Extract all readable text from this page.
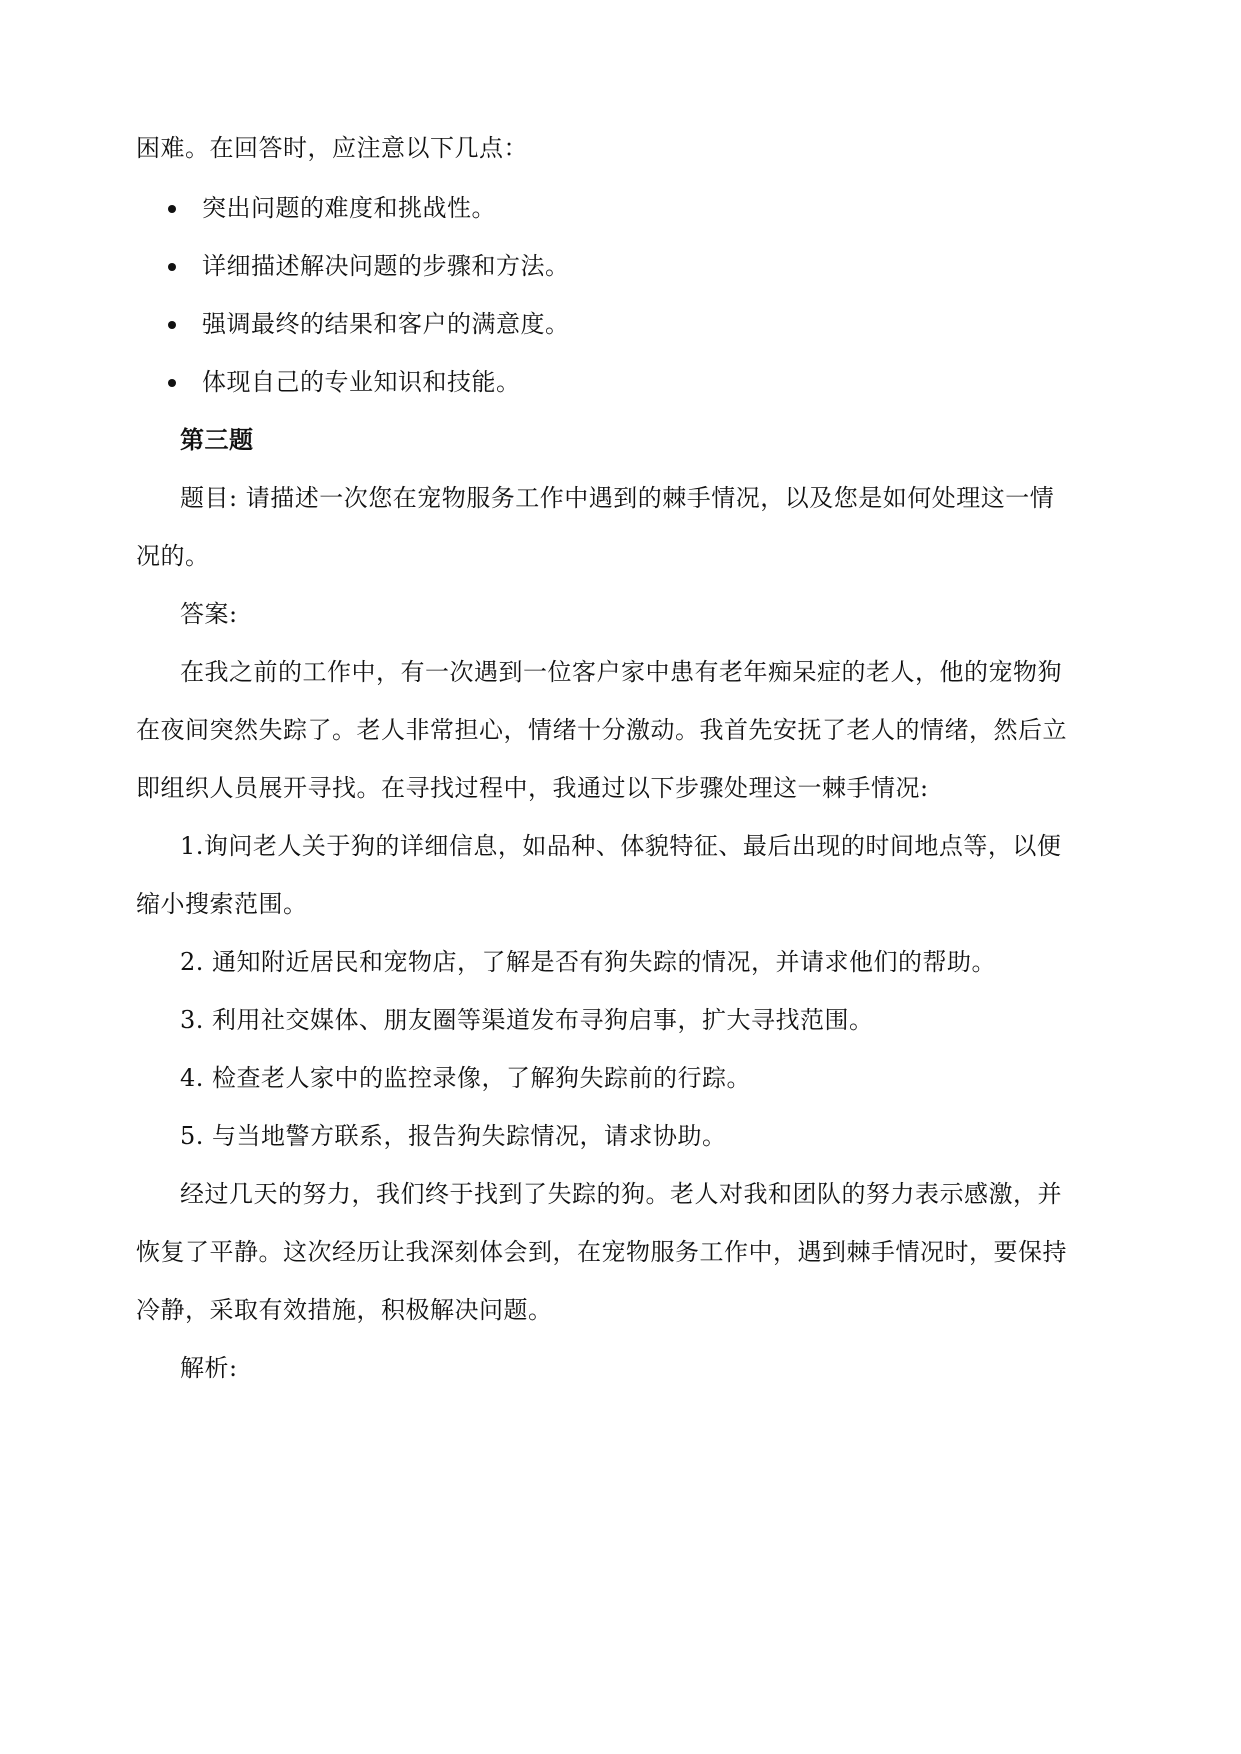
困难。在回答时，应注意以下几点：
突出问题的难度和挑战性。
详细描述解决问题的步骤和方法。
强调最终的结果和客户的满意度。
体现自己的专业知识和技能。
第三题
题目: 请描述一次您在宠物服务工作中遇到的棘手情况，以及您是如何处理这一情
况的。
答案:
在我之前的工作中，有一次遇到一位客户家中患有老年痴呆症的老人，他的宠物狗
在夜间突然失踪了。老人非常担心，情绪十分激动。我首先安抚了老人的情绪，然后立
即组织人员展开寻找。在寻找过程中，我通过以下步骤处理这一棘手情况:
1.询问老人关于狗的详细信息，如品种、体貌特征、最后出现的时间地点等，以便
缩小搜索范围。
2. 通知附近居民和宠物店，了解是否有狗失踪的情况，并请求他们的帮助。
3. 利用社交媒体、朋友圈等渠道发布寻狗启事，扩大寻找范围。
4. 检查老人家中的监控录像，了解狗失踪前的行踪。
5. 与当地警方联系，报告狗失踪情况，请求协助。
经过几天的努力，我们终于找到了失踪的狗。老人对我和团队的努力表示感激，并
恢复了平静。这次经历让我深刻体会到，在宠物服务工作中，遇到棘手情况时，要保持
冷静，采取有效措施，积极解决问题。
解析:
